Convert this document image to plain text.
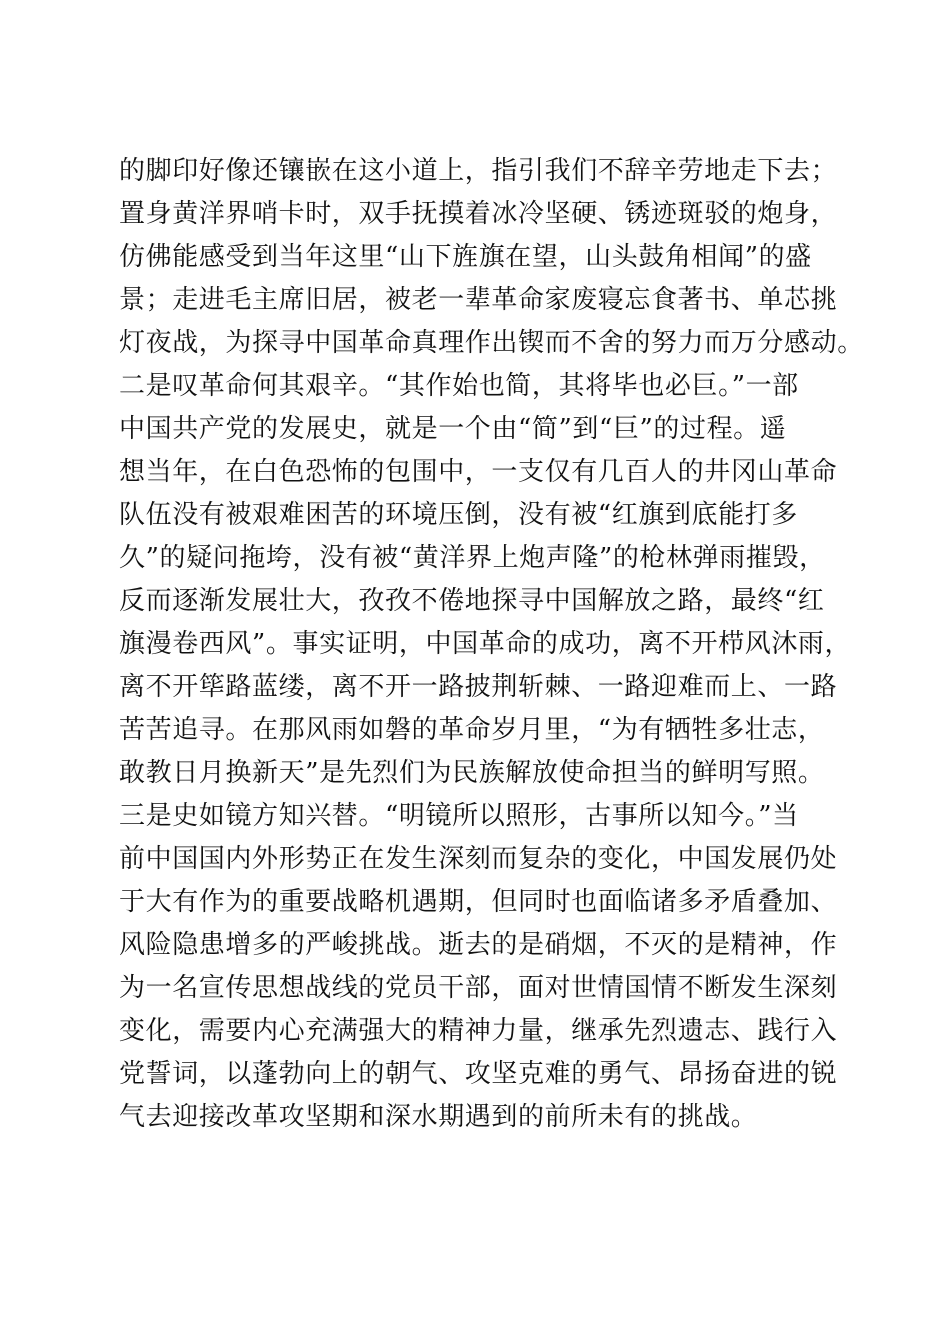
的脚印好像还镶嵌在这小道上，指引我们不辞辛劳地走下去；
置身黄洋界哨卡时，双手抚摸着冰冷坚硬、锈迹斑驳的炮身，
仿佛能感受到当年这里“山下旌旗在望，山头鼓角相闻”的盛
景；走进毛主席旧居，被老一辈革命家废寝忘食著书、单芯挑
灯夜战，为探寻中国革命真理作出锲而不舍的努力而万分感动。
二是叹革命何其艰辛。“其作始也简，其将毕也必巨。”一部
中国共产党的发展史，就是一个由“简”到“巨”的过程。遥
想当年，在白色恐怖的包围中，一支仅有几百人的井冈山革命
队伍没有被艰难困苦的环境压倒，没有被“红旗到底能打多
久”的疑问拖垮，没有被“黄洋界上炮声隆”的枪林弹雨摧毁，
反而逐渐发展壮大，孜孜不倦地探寻中国解放之路，最终“红
旗漫卷西风”。事实证明，中国革命的成功，离不开栉风沐雨，
离不开筚路蓝缕，离不开一路披荆斩棘、一路迎难而上、一路
苦苦追寻。在那风雨如磐的革命岁月里，“为有牺牲多壮志，
敢教日月换新天”是先烈们为民族解放使命担当的鲜明写照。
三是史如镜方知兴替。“明镜所以照形，古事所以知今。”当
前中国国内外形势正在发生深刻而复杂的变化，中国发展仍处
于大有作为的重要战略机遇期，但同时也面临诸多矛盾叠加、
风险隐患增多的严峻挑战。逝去的是硝烟，不灭的是精神，作
为一名宣传思想战线的党员干部，面对世情国情不断发生深刻
变化，需要内心充满强大的精神力量，继承先烈遗志、践行入
党誓词，以蓬勃向上的朝气、攻坚克难的勇气、昂扬奋进的锐
气去迎接改革攻坚期和深水期遇到的前所未有的挑战。
